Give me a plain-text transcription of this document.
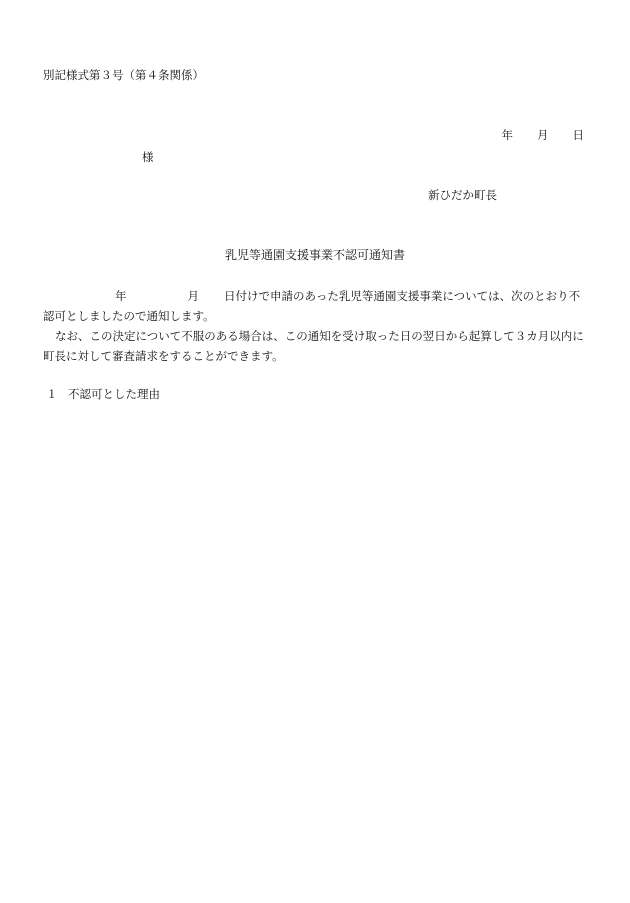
別記様式第３号（第４条関係）
年 月 日
様
新ひだか町長
乳児等通園支援事業不認可通知書

年	月 日付けで申請のあった乳児等通園支援事業については、次のとおり不認可としましたので通知します。

なお、この決定について不服のある場合は、この通知を受け取った日の翌日から起算して３カ月以内に町長に対して審査請求をすることができます。

１ 不認可とした理由
